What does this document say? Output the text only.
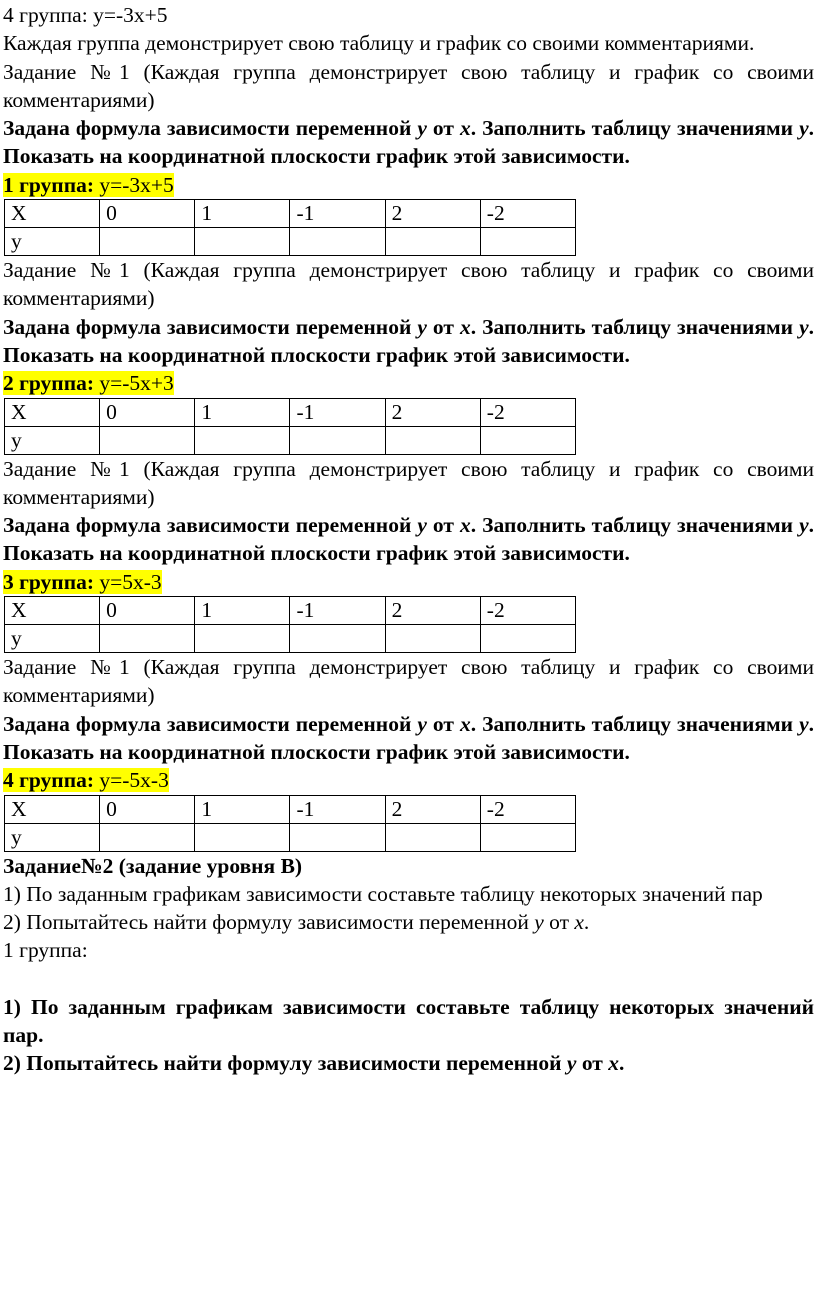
4 группа: у=-3х+5

Каждая группа демонстрирует свою таблицу и график со своими комментариями.

Задание №1 (Каждая группа демонстрирует свою таблицу и график со своими комментариями)

Задана формула зависимости переменной у от х. Заполнить таблицу значениями у. Показать на координатной плоскости график этой зависимости.

1 группа: у=-3х+5

Х	0	1	-1	2	-2
у					

Задание №1 (Каждая группа демонстрирует свою таблицу и график со своими комментариями)

Задана формула зависимости переменной у от х. Заполнить таблицу значениями у. Показать на координатной плоскости график этой зависимости.

2 группа: у=-5х+3

Х	0	1	-1	2	-2
у					

Задание №1 (Каждая группа демонстрирует свою таблицу и график со своими комментариями)

Задана формула зависимости переменной у от х. Заполнить таблицу значениями у. Показать на координатной плоскости график этой зависимости.

3 группа: у=5х-3

Х	0	1	-1	2	-2
у					

Задание №1 (Каждая группа демонстрирует свою таблицу и график со своими комментариями)

Задана формула зависимости переменной у от х. Заполнить таблицу значениями у. Показать на координатной плоскости график этой зависимости.

4 группа: у=-5х-3

Х	0	1	-1	2	-2
у					

Задание№2 (задание уровня В)

1) По заданным графикам зависимости составьте таблицу некоторых значений пар

2) Попытайтесь найти формулу зависимости переменной у от х.

1 группа:

1) По заданным графикам зависимости составьте таблицу некоторых значений пар.

2) Попытайтесь найти формулу зависимости переменной у от х.
